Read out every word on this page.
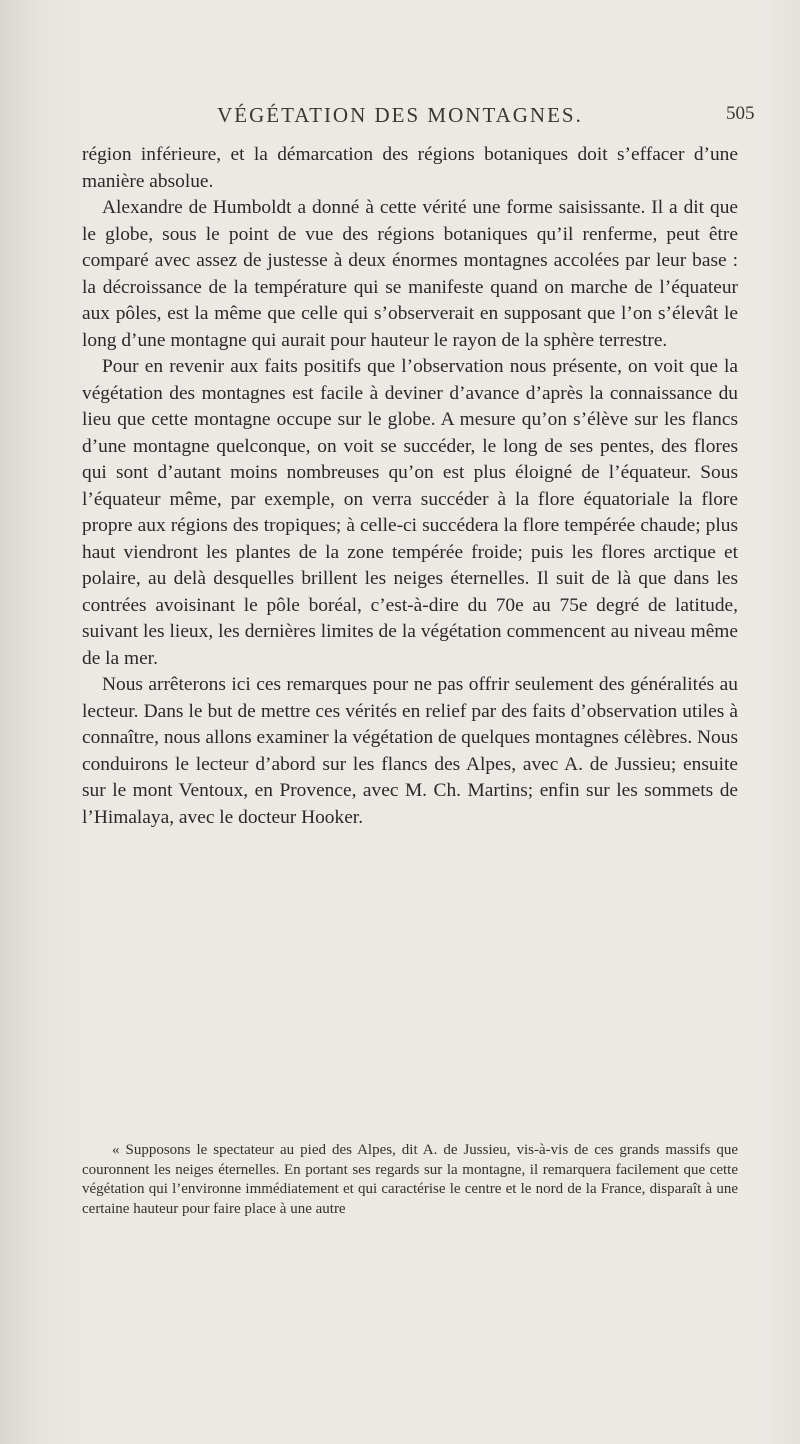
VÉGÉTATION DES MONTAGNES.	505

région inférieure, et la démarcation des régions botaniques doit s’effacer d’une manière absolue.

Alexandre de Humboldt a donné à cette vérité une forme saisissante. Il a dit que le globe, sous le point de vue des régions botaniques qu’il renferme, peut être comparé avec assez de justesse à deux énormes montagnes accolées par leur base : la décroissance de la température qui se manifeste quand on marche de l’équateur aux pôles, est la même que celle qui s’observerait en supposant que l’on s’élevât le long d’une montagne qui aurait pour hauteur le rayon de la sphère terrestre.

Pour en revenir aux faits positifs que l’observation nous présente, on voit que la végétation des montagnes est facile à deviner d’avance d’après la connaissance du lieu que cette montagne occupe sur le globe. A mesure qu’on s’élève sur les flancs d’une montagne quelconque, on voit se succéder, le long de ses pentes, des flores qui sont d’autant moins nombreuses qu’on est plus éloigné de l’équateur. Sous l’équateur même, par exemple, on verra succéder à la flore équatoriale la flore propre aux régions des tropiques; à celle-ci succédera la flore tempérée chaude; plus haut viendront les plantes de la zone tempérée froide; puis les flores arctique et polaire, au delà desquelles brillent les neiges éternelles. Il suit de là que dans les contrées avoisinant le pôle boréal, c’est-à-dire du 70e au 75e degré de latitude, suivant les lieux, les dernières limites de la végétation commencent au niveau même de la mer.

Nous arrêterons ici ces remarques pour ne pas offrir seulement des généralités au lecteur. Dans le but de mettre ces vérités en relief par des faits d’observation utiles à connaître, nous allons examiner la végétation de quelques montagnes célèbres. Nous conduirons le lecteur d’abord sur les flancs des Alpes, avec A. de Jussieu; ensuite sur le mont Ventoux, en Provence, avec M. Ch. Martins; enfin sur les sommets de l’Himalaya, avec le docteur Hooker.

« Supposons le spectateur au pied des Alpes, dit A. de Jussieu, vis-à-vis de ces grands massifs que couronnent les neiges éternelles. En portant ses regards sur la montagne, il remarquera facilement que cette végétation qui l’environne immédiatement et qui caractérise le centre et le nord de la France, disparaît à une certaine hauteur pour faire place à une autre
